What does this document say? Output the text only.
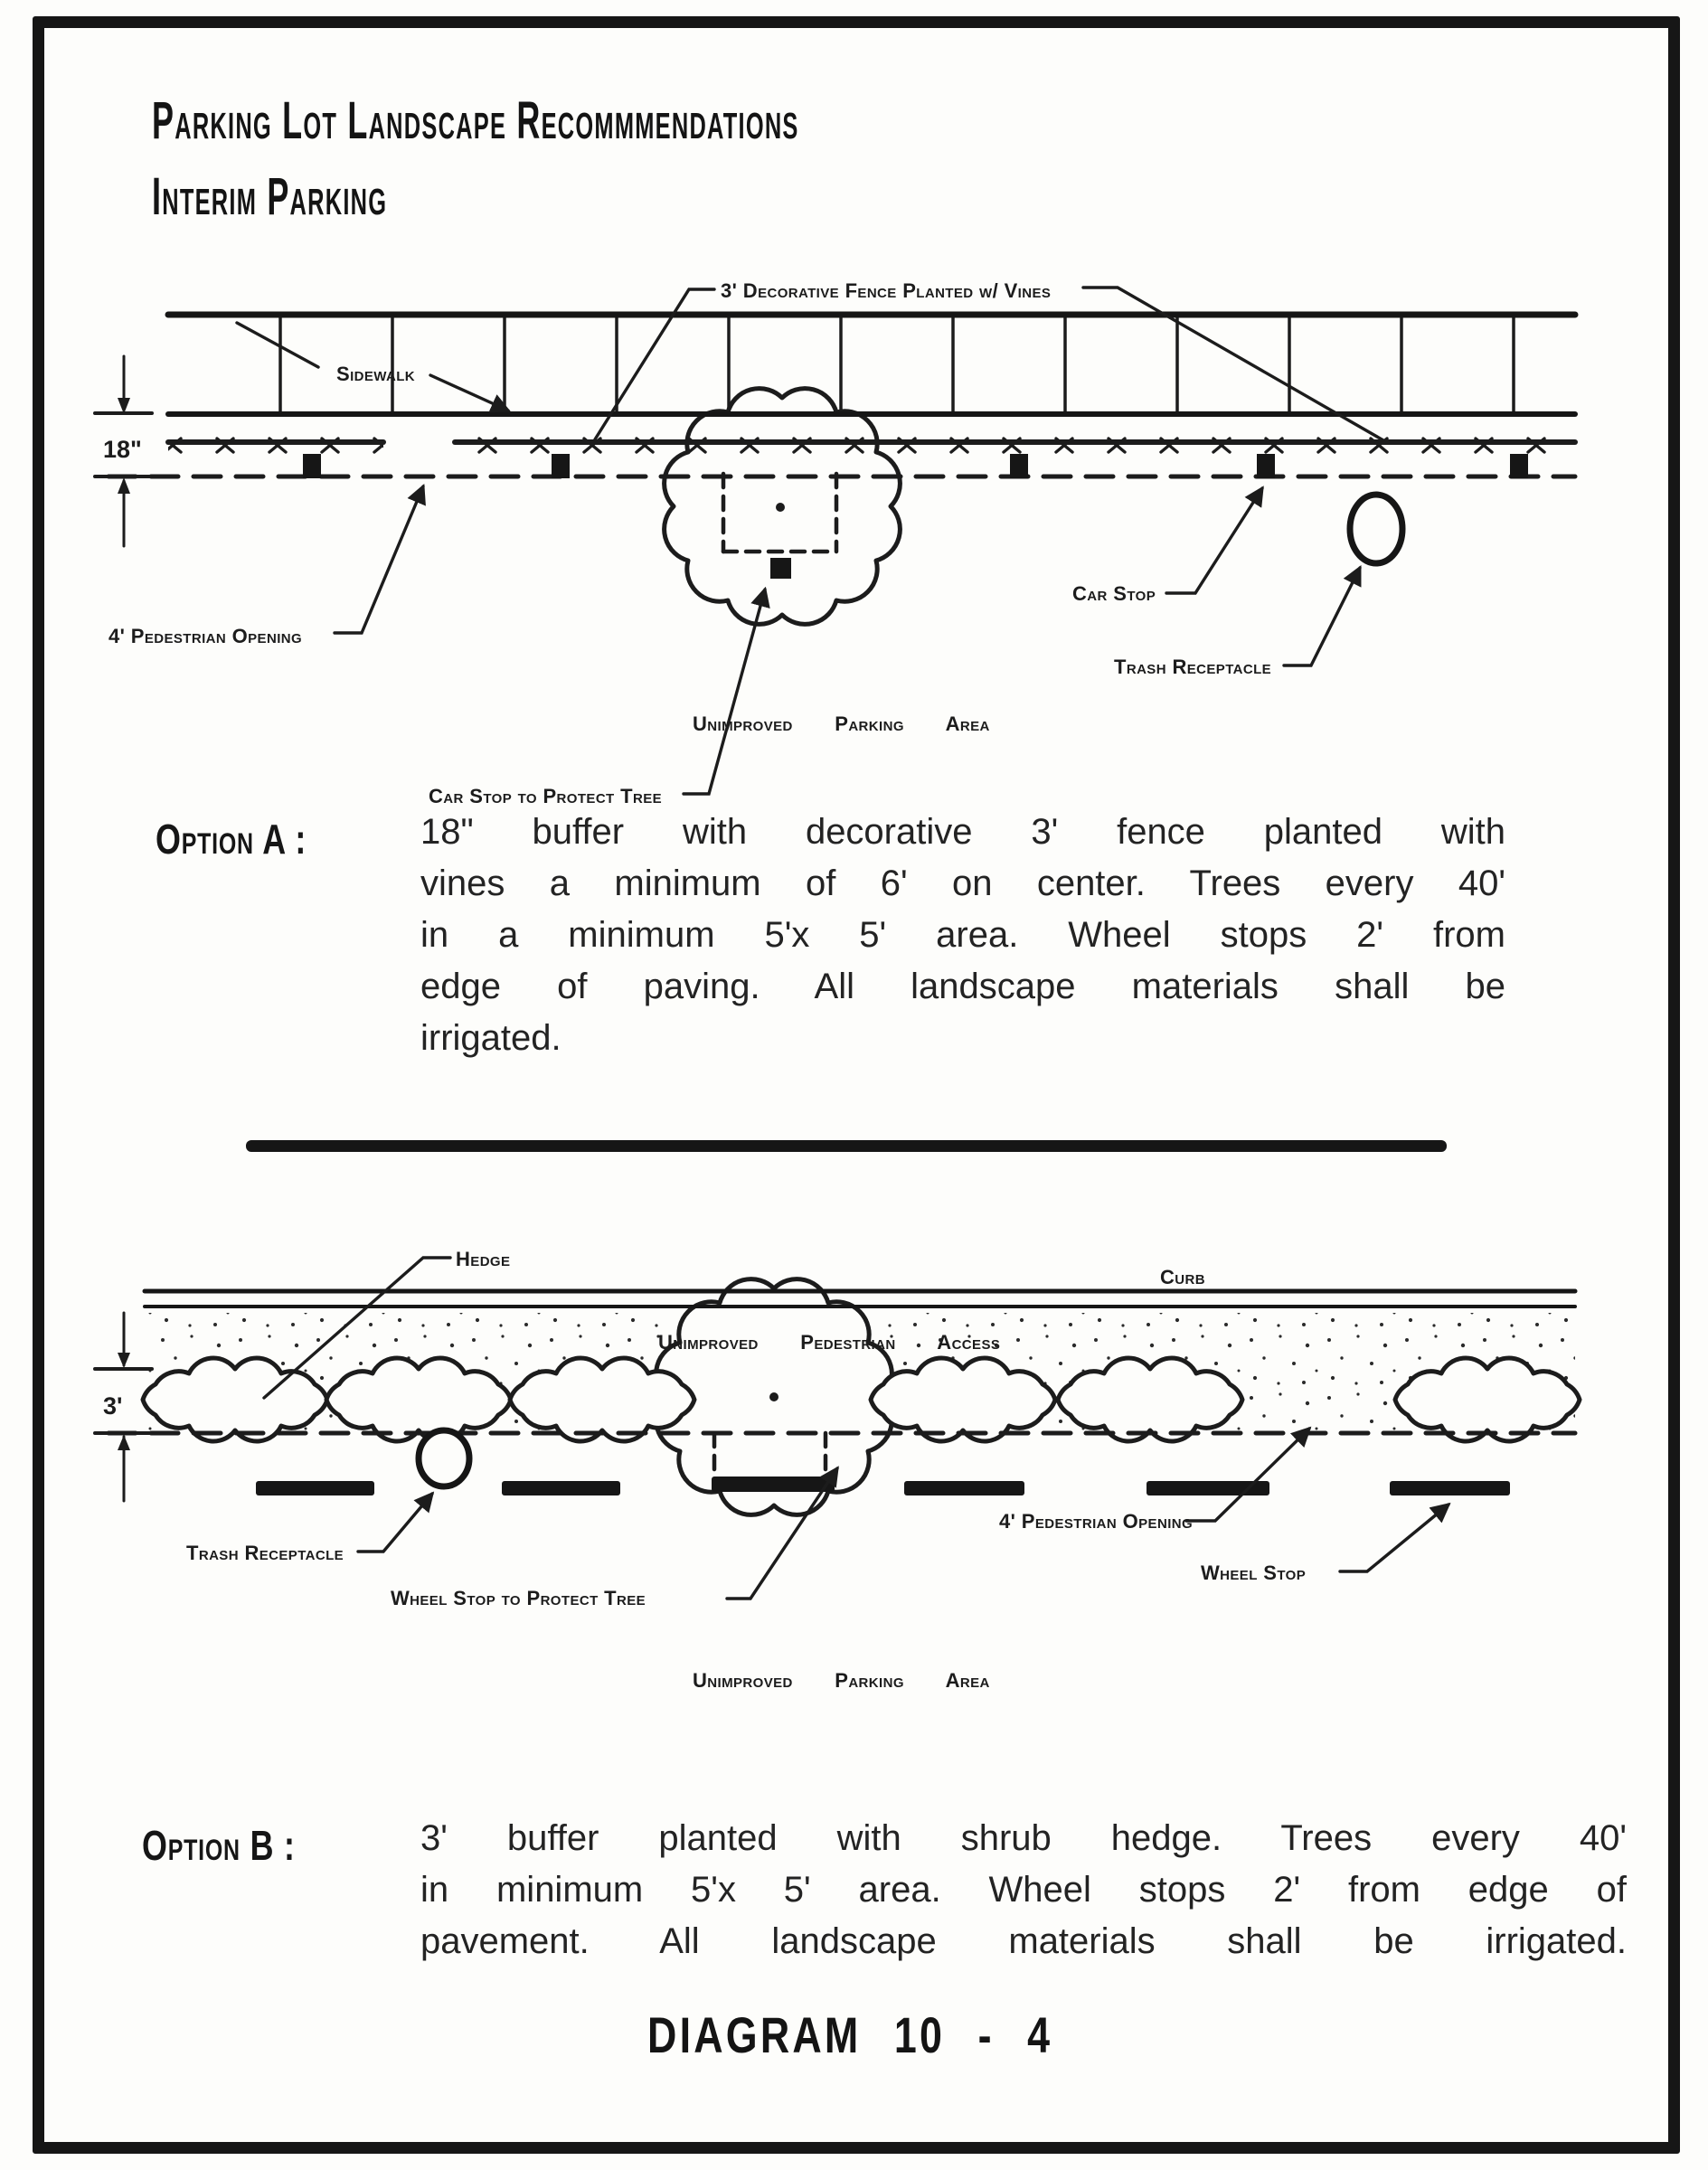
Parking Lot Landscape Recommmendations
Interim Parking
18"
3' Decorative Fence Planted w/ Vines
Sidewalk
4' Pedestrian Opening
Car Stop to Protect Tree
Car Stop
Trash Receptacle
Unimproved Parking Area
3'
Hedge
Curb
Unimproved Pedestrian Access
Trash Receptacle
Wheel Stop to Protect Tree
4' Pedestrian Opening
Wheel Stop
Unimproved Parking Area
Option A :	18" buffer with decorative 3' fence planted with
vines a minimum of 6' on center. Trees every 40'
in a minimum 5'x 5' area. Wheel stops 2' from
edge of paving. All landscape materials shall be
irrigated.
Option B :	3' buffer planted with shrub hedge. Trees every 40'
in minimum 5'x 5' area. Wheel stops 2' from edge of
pavement. All landscape materials shall be irrigated.
DIAGRAM 10 - 4
